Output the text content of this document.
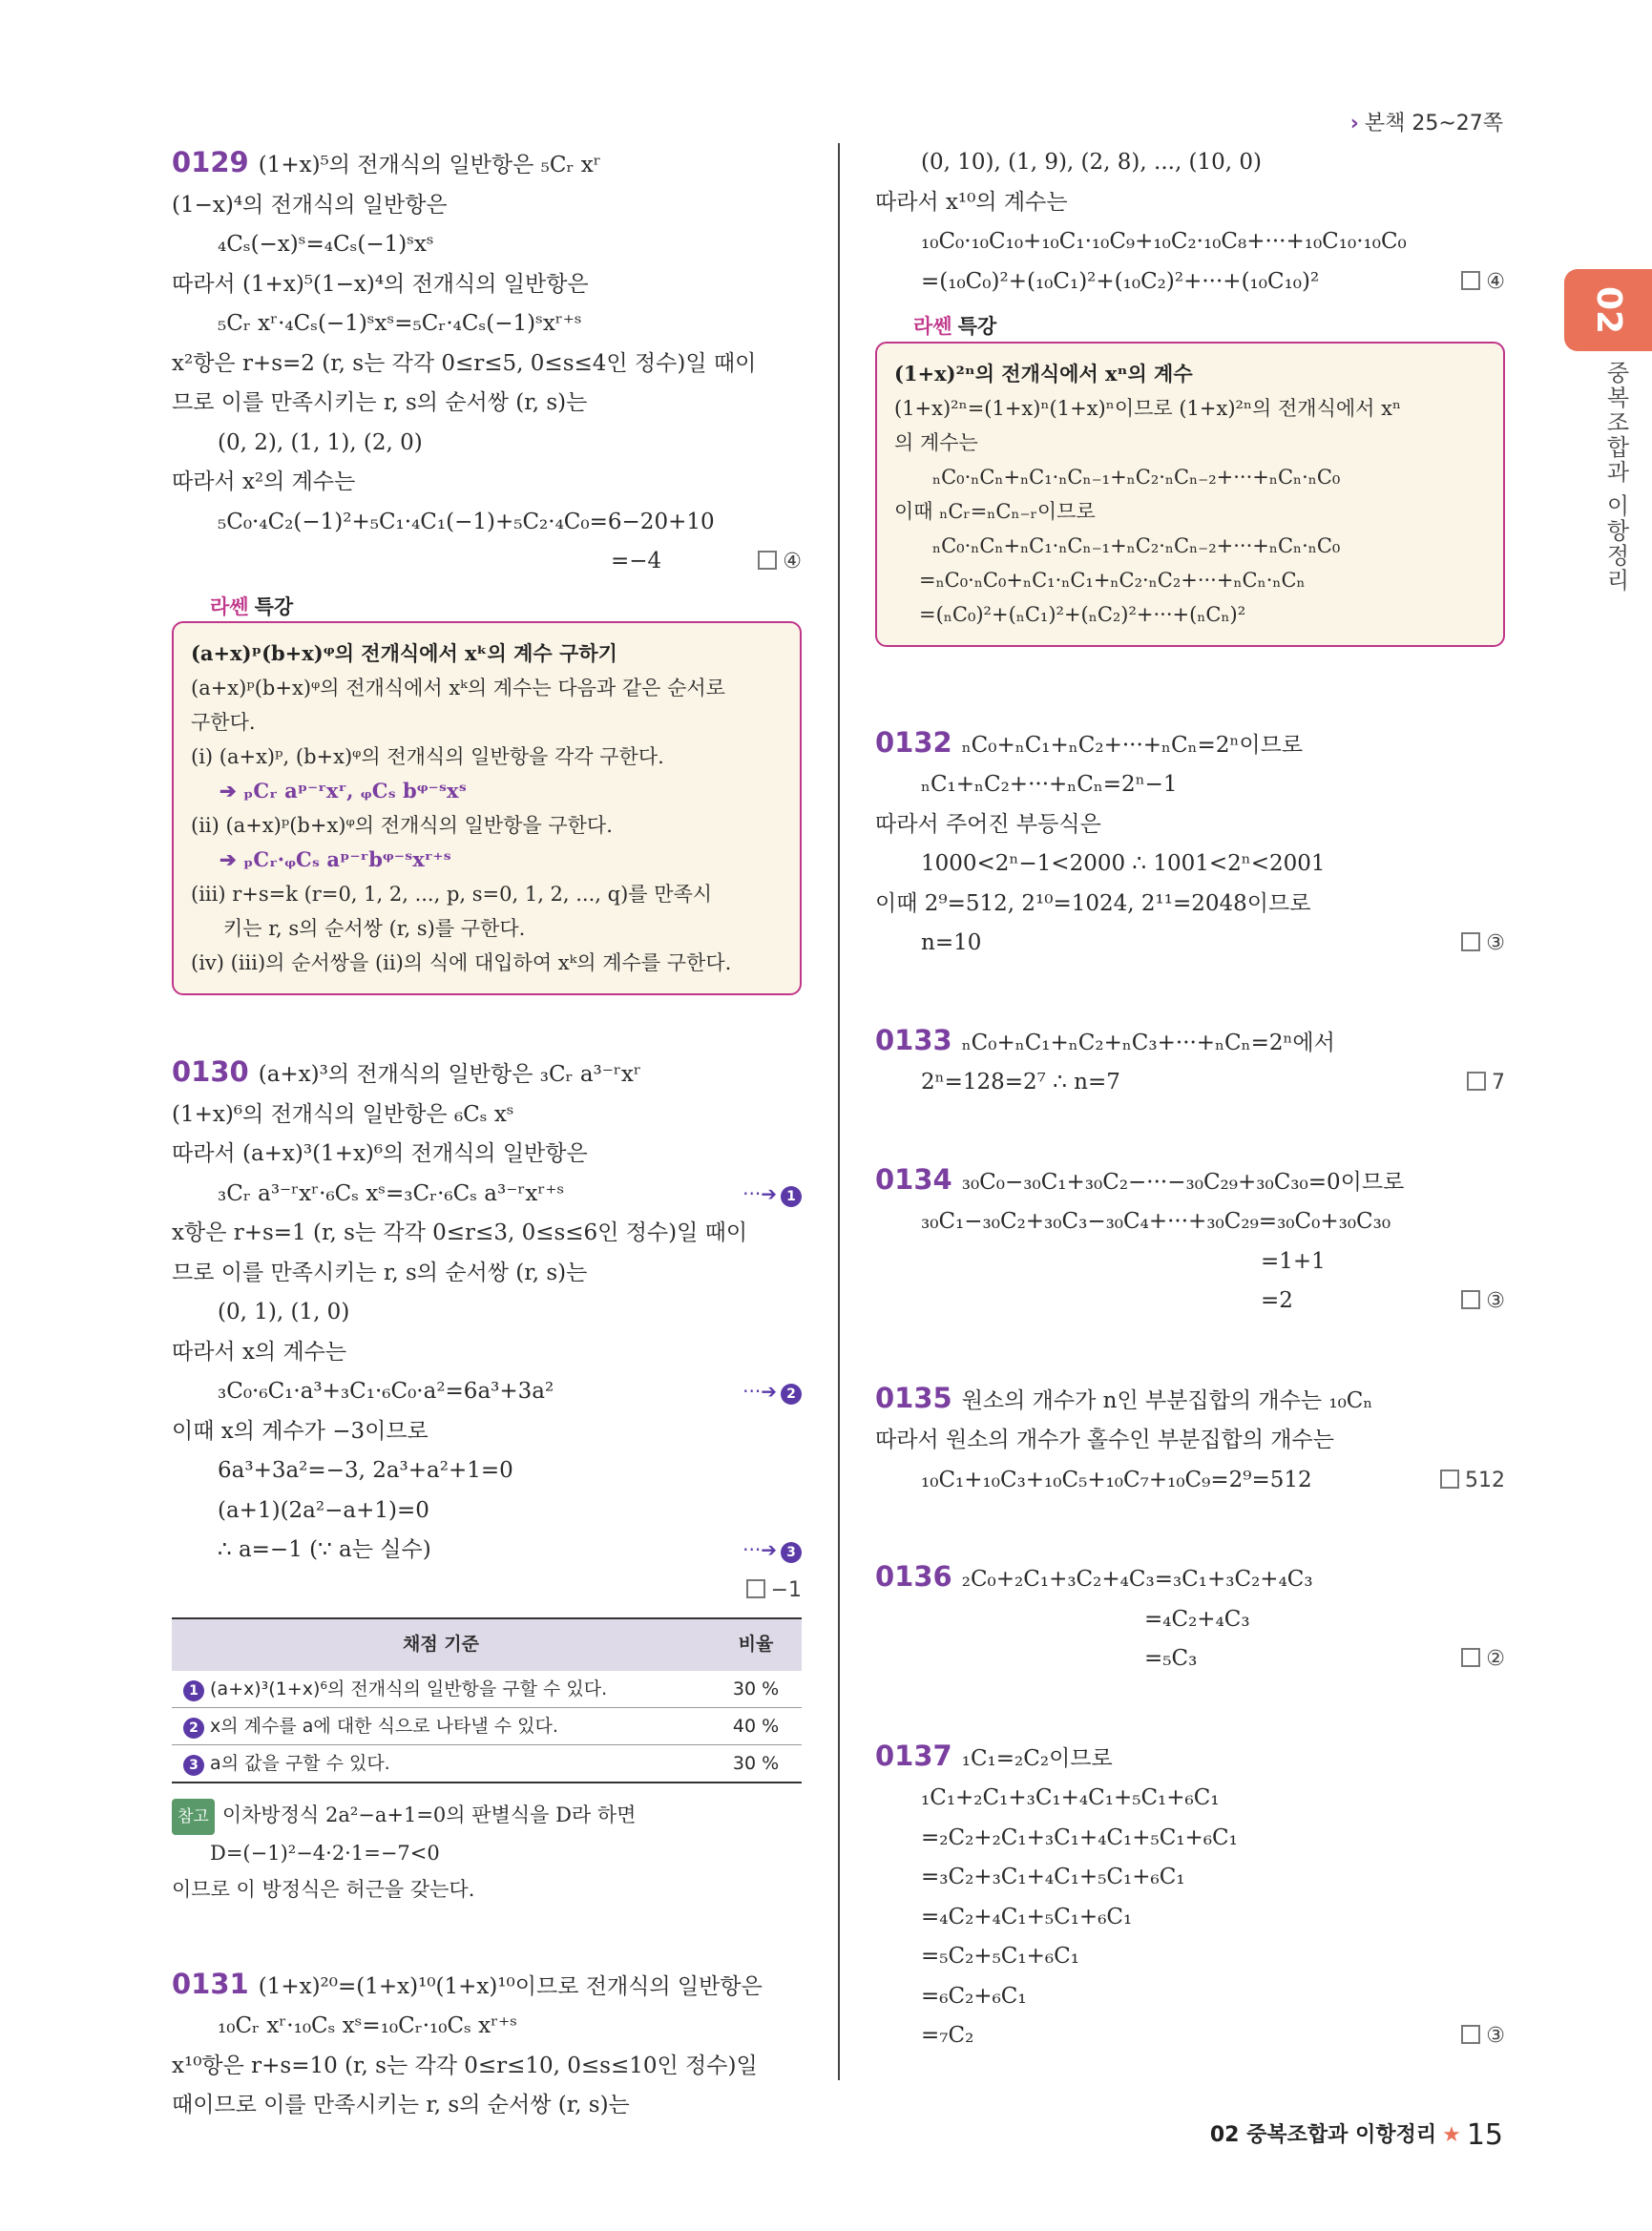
› 본책 25~27쪽
02
중복조합과 이항정리
0129 (1+x)⁵의 전개식의 일반항은 ₅Cᵣ xʳ
(1−x)⁴의 전개식의 일반항은
₄Cₛ(−x)ˢ=₄Cₛ(−1)ˢxˢ
따라서 (1+x)⁵(1−x)⁴의 전개식의 일반항은
₅Cᵣ xʳ·₄Cₛ(−1)ˢxˢ=₅Cᵣ·₄Cₛ(−1)ˢxʳ⁺ˢ
x²항은 r+s=2 (r, s는 각각 0≤r≤5, 0≤s≤4인 정수)일 때이
므로 이를 만족시키는 r, s의 순서쌍 (r, s)는
(0, 2), (1, 1), (2, 0)
따라서 x²의 계수는
₅C₀·₄C₂(−1)²+₅C₁·₄C₁(−1)+₅C₂·₄C₀=6−20+10
=−4	④
라쎈 특강
(a+x)ᵖ(b+x)ᵠ의 전개식에서 xᵏ의 계수 구하기
(a+x)ᵖ(b+x)ᵠ의 전개식에서 xᵏ의 계수는 다음과 같은 순서로
구한다.
(i) (a+x)ᵖ, (b+x)ᵠ의 전개식의 일반항을 각각 구한다.
➔ ₚCᵣ aᵖ⁻ʳxʳ, ᵩCₛ bᵠ⁻ˢxˢ
(ii) (a+x)ᵖ(b+x)ᵠ의 전개식의 일반항을 구한다.
➔ ₚCᵣ·ᵩCₛ aᵖ⁻ʳbᵠ⁻ˢxʳ⁺ˢ
(iii) r+s=k (r=0, 1, 2, ..., p, s=0, 1, 2, ..., q)를 만족시
키는 r, s의 순서쌍 (r, s)를 구한다.
(iv) (iii)의 순서쌍을 (ii)의 식에 대입하여 xᵏ의 계수를 구한다.
0130 (a+x)³의 전개식의 일반항은 ₃Cᵣ a³⁻ʳxʳ
(1+x)⁶의 전개식의 일반항은 ₆Cₛ xˢ
따라서 (a+x)³(1+x)⁶의 전개식의 일반항은
₃Cᵣ a³⁻ʳxʳ·₆Cₛ xˢ=₃Cᵣ·₆Cₛ a³⁻ʳxʳ⁺ˢ	···➔ 1
x항은 r+s=1 (r, s는 각각 0≤r≤3, 0≤s≤6인 정수)일 때이
므로 이를 만족시키는 r, s의 순서쌍 (r, s)는
(0, 1), (1, 0)
따라서 x의 계수는
₃C₀·₆C₁·a³+₃C₁·₆C₀·a²=6a³+3a²	···➔ 2
이때 x의 계수가 −3이므로
6a³+3a²=−3, 2a³+a²+1=0
(a+1)(2a²−a+1)=0
∴ a=−1 (∵ a는 실수)	···➔ 3
−1
채점 기준	비율
1 (a+x)³(1+x)⁶의 전개식의 일반항을 구할 수 있다.	30 %
2 x의 계수를 a에 대한 식으로 나타낼 수 있다.	40 %
3 a의 값을 구할 수 있다.	30 %
참고 이차방정식 2a²−a+1=0의 판별식을 D라 하면
D=(−1)²−4·2·1=−7<0
이므로 이 방정식은 허근을 갖는다.
0131 (1+x)²⁰=(1+x)¹⁰(1+x)¹⁰이므로 전개식의 일반항은
₁₀Cᵣ xʳ·₁₀Cₛ xˢ=₁₀Cᵣ·₁₀Cₛ xʳ⁺ˢ
x¹⁰항은 r+s=10 (r, s는 각각 0≤r≤10, 0≤s≤10인 정수)일
때이므로 이를 만족시키는 r, s의 순서쌍 (r, s)는
(0, 10), (1, 9), (2, 8), ..., (10, 0)
따라서 x¹⁰의 계수는
₁₀C₀·₁₀C₁₀+₁₀C₁·₁₀C₉+₁₀C₂·₁₀C₈+···+₁₀C₁₀·₁₀C₀
=(₁₀C₀)²+(₁₀C₁)²+(₁₀C₂)²+···+(₁₀C₁₀)²	④
라쎈 특강
(1+x)²ⁿ의 전개식에서 xⁿ의 계수
(1+x)²ⁿ=(1+x)ⁿ(1+x)ⁿ이므로 (1+x)²ⁿ의 전개식에서 xⁿ
의 계수는
ₙC₀·ₙCₙ+ₙC₁·ₙCₙ₋₁+ₙC₂·ₙCₙ₋₂+···+ₙCₙ·ₙC₀
이때 ₙCᵣ=ₙCₙ₋ᵣ이므로
ₙC₀·ₙCₙ+ₙC₁·ₙCₙ₋₁+ₙC₂·ₙCₙ₋₂+···+ₙCₙ·ₙC₀
=ₙC₀·ₙC₀+ₙC₁·ₙC₁+ₙC₂·ₙC₂+···+ₙCₙ·ₙCₙ
=(ₙC₀)²+(ₙC₁)²+(ₙC₂)²+···+(ₙCₙ)²
0132 ₙC₀+ₙC₁+ₙC₂+···+ₙCₙ=2ⁿ이므로
ₙC₁+ₙC₂+···+ₙCₙ=2ⁿ−1
따라서 주어진 부등식은
1000<2ⁿ−1<2000 ∴ 1001<2ⁿ<2001
이때 2⁹=512, 2¹⁰=1024, 2¹¹=2048이므로
n=10	③
0133 ₙC₀+ₙC₁+ₙC₂+ₙC₃+···+ₙCₙ=2ⁿ에서
2ⁿ=128=2⁷ ∴ n=7	7
0134 ₃₀C₀−₃₀C₁+₃₀C₂−···−₃₀C₂₉+₃₀C₃₀=0이므로
₃₀C₁−₃₀C₂+₃₀C₃−₃₀C₄+···+₃₀C₂₉=₃₀C₀+₃₀C₃₀
=1+1
=2	③
0135 원소의 개수가 n인 부분집합의 개수는 ₁₀Cₙ
따라서 원소의 개수가 홀수인 부분집합의 개수는
₁₀C₁+₁₀C₃+₁₀C₅+₁₀C₇+₁₀C₉=2⁹=512	512
0136 ₂C₀+₂C₁+₃C₂+₄C₃=₃C₁+₃C₂+₄C₃
=₄C₂+₄C₃
=₅C₃	②
0137 ₁C₁=₂C₂이므로
₁C₁+₂C₁+₃C₁+₄C₁+₅C₁+₆C₁
=₂C₂+₂C₁+₃C₁+₄C₁+₅C₁+₆C₁
=₃C₂+₃C₁+₄C₁+₅C₁+₆C₁
=₄C₂+₄C₁+₅C₁+₆C₁
=₅C₂+₅C₁+₆C₁
=₆C₂+₆C₁
=₇C₂	③
02 중복조합과 이항정리 ★ 15
